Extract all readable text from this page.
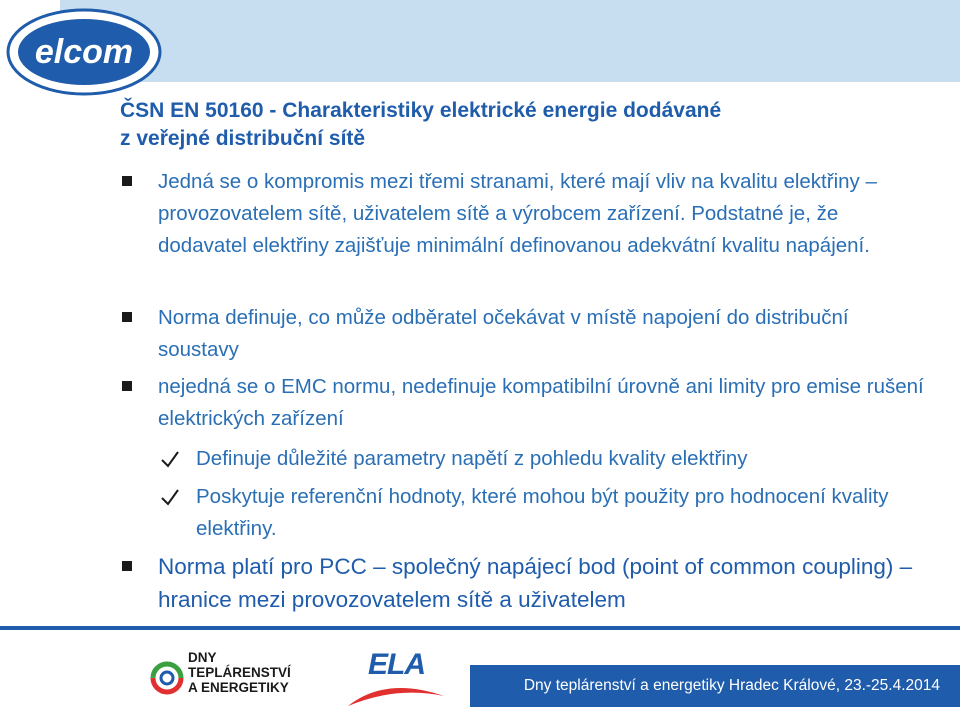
elcom
ČSN EN 50160 - Charakteristiky elektrické energie dodávané
z veřejné distribuční sítě
Jedná se o kompromis mezi třemi stranami, které mají vliv na kvalitu elektřiny – provozovatelem sítě, uživatelem sítě a výrobcem zařízení. Podstatné je, že dodavatel elektřiny zajišťuje minimální definovanou adekvátní kvalitu napájení.
Norma definuje, co může odběratel očekávat v místě napojení do distribuční soustavy
nejedná se o EMC normu, nedefinuje kompatibilní úrovně ani limity pro emise rušení elektrických zařízení
Definuje důležité parametry napětí z pohledu kvality elektřiny
Poskytuje referenční hodnoty, které mohou být použity pro hodnocení kvality elektřiny.
Norma platí pro PCC – společný napájecí bod (point of common coupling) – hranice mezi provozovatelem sítě a uživatelem
DNY
TEPLÁRENSTVÍ
A ENERGETIKY
ELA
Dny teplárenství a energetiky Hradec Králové, 23.-25.4.2014
